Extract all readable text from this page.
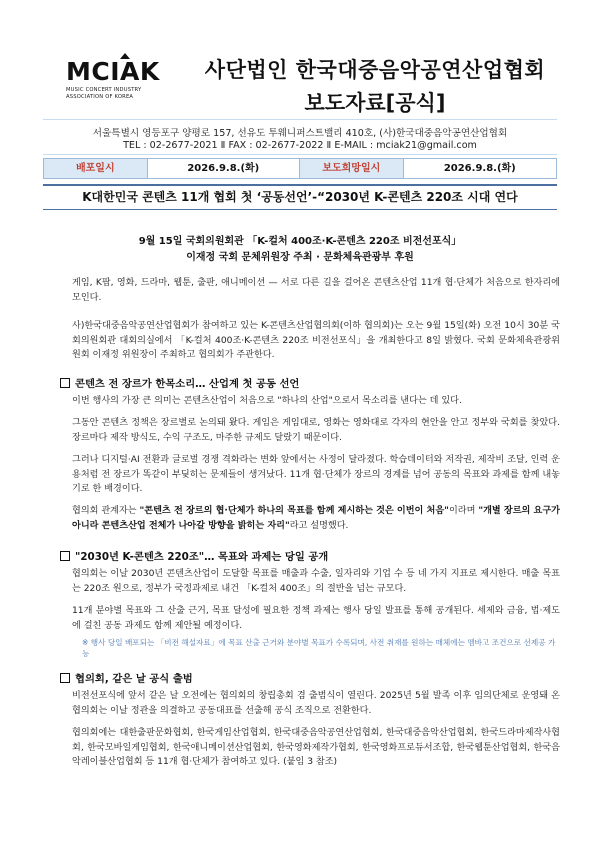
MCIAK
MUSIC CONCERT INDUSTRY
ASSOCIATION OF KOREA
사단법인 한국대중음악공연산업협회
보도자료[공식]
서울특별시 영등포구 양평로 157, 선유도 투웨니퍼스트밸리 410호, (사)한국대중음악공연산업협회
TEL : 02-2677-2021 Ⅱ FAX : 02-2677-2022 Ⅱ E-MAIL : mciak21@gmail.com
배포일시	2026.9.8.(화)	보도희망일시	2026.9.8.(화)
K대한민국 콘텐츠 11개 협회 첫 ‘공동선언’-“2030년 K-콘텐츠 220조 시대 연다
9월 15일 국회의원회관 「K-컬처 400조·K-콘텐츠 220조 비전선포식」
이재정 국회 문체위원장 주최 · 문화체육관광부 후원
게임, K팝, 영화, 드라마, 웹툰, 출판, 애니메이션 — 서로 다른 길을 걸어온 콘텐츠산업 11개 협·단체가 처음으로 한자리에 모인다.
사)한국대중음악공연산업협회가 참여하고 있는 K-콘텐츠산업협의회(이하 협의회)는 오는 9월 15일(화) 오전 10시 30분 국회의원회관 대회의실에서 「K-컬처 400조·K-콘텐츠 220조 비전선포식」을 개최한다고 8일 밝혔다. 국회 문화체육관광위원회 이재정 위원장이 주최하고 협의회가 주관한다.
콘텐츠 전 장르가 한목소리… 산업계 첫 공동 선언
이번 행사의 가장 큰 의미는 콘텐츠산업이 처음으로 "하나의 산업"으로서 목소리를 낸다는 데 있다.
그동안 콘텐츠 정책은 장르별로 논의돼 왔다. 게임은 게임대로, 영화는 영화대로 각자의 현안을 안고 정부와 국회를 찾았다. 장르마다 제작 방식도, 수익 구조도, 마주한 규제도 달랐기 때문이다.
그러나 디지털·AI 전환과 글로벌 경쟁 격화라는 변화 앞에서는 사정이 달라졌다. 학습데이터와 저작권, 제작비 조달, 인력 운용처럼 전 장르가 똑같이 부딪히는 문제들이 생겨났다. 11개 협·단체가 장르의 경계를 넘어 공동의 목표와 과제를 함께 내놓기로 한 배경이다.
협의회 관계자는 "콘텐츠 전 장르의 협·단체가 하나의 목표를 함께 제시하는 것은 이번이 처음"이라며 "개별 장르의 요구가 아니라 콘텐츠산업 전체가 나아갈 방향을 밝히는 자리"라고 설명했다.
"2030년 K-콘텐츠 220조"… 목표와 과제는 당일 공개
협의회는 이날 2030년 콘텐츠산업이 도달할 목표를 매출과 수출, 일자리와 기업 수 등 네 가지 지표로 제시한다. 매출 목표는 220조 원으로, 정부가 국정과제로 내건 「K-컬처 400조」의 절반을 넘는 규모다.
11개 분야별 목표와 그 산출 근거, 목표 달성에 필요한 정책 과제는 행사 당일 발표를 통해 공개된다. 세제와 금융, 법·제도에 걸친 공동 과제도 함께 제안될 예정이다.
※ 행사 당일 배포되는 「비전 해설자료」에 목표 산출 근거와 분야별 목표가 수록되며, 사전 취재를 원하는 매체에는 엠바고 조건으로 선제공 가능
협의회, 같은 날 공식 출범
비전선포식에 앞서 같은 날 오전에는 협의회의 창립총회 겸 출범식이 열린다. 2025년 5월 발족 이후 임의단체로 운영돼 온 협의회는 이날 정관을 의결하고 공동대표를 선출해 공식 조직으로 전환한다.
협의회에는 대한출판문화협회, 한국게임산업협회, 한국대중음악공연산업협회, 한국대중음악산업협회, 한국드라마제작사협회, 한국모바일게임협회, 한국애니메이션산업협회, 한국영화제작가협회, 한국영화프로듀서조합, 한국웹툰산업협회, 한국음악레이블산업협회 등 11개 협·단체가 참여하고 있다. (붙임 3 참조)
